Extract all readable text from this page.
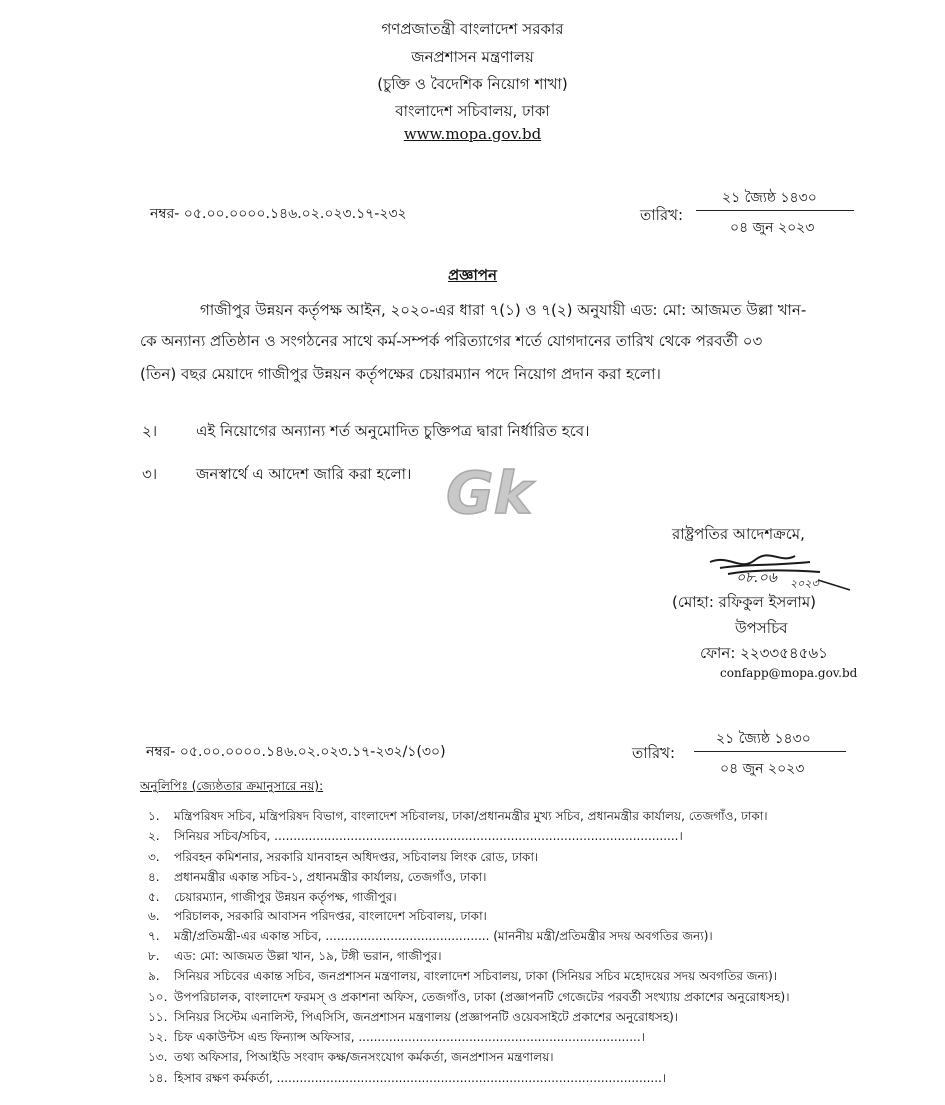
গণপ্রজাতন্ত্রী বাংলাদেশ সরকার
জনপ্রশাসন মন্ত্রণালয়
(চুক্তি ও বৈদেশিক নিয়োগ শাখা)
বাংলাদেশ সচিবালয়, ঢাকা
www.mopa.gov.bd
নম্বর- ০৫.০০.০০০০.১৪৬.০২.০২৩.১৭-২৩২	তারিখ:
২১ জ্যৈষ্ঠ ১৪৩০
০৪ জুন ২০২৩
প্রজ্ঞাপন
গাজীপুর উন্নয়ন কর্তৃপক্ষ আইন, ২০২০-এর ধারা ৭(১) ও ৭(২) অনুযায়ী এড: মো: আজমত উল্লা খান-
কে অন্যান্য প্রতিষ্ঠান ও সংগঠনের সাথে কর্ম-সম্পর্ক পরিত্যাগের শর্তে যোগদানের তারিখ থেকে পরবর্তী ০৩
(তিন) বছর মেয়াদে গাজীপুর উন্নয়ন কর্তৃপক্ষের চেয়ারম্যান পদে নিয়োগ প্রদান করা হলো।
২।	এই নিয়োগের অন্যান্য শর্ত অনুমোদিত চুক্তিপত্র দ্বারা নির্ধারিত হবে।
৩।	জনস্বার্থে এ আদেশ জারি করা হলো। Gk
রাষ্ট্রপতির আদেশক্রমে,
০৮.০৬ ২০২৩
(মোহা: রফিকুল ইসলাম)
উপসচিব
ফোন: ২২৩৩৫৪৫৬১
confapp@mopa.gov.bd
নম্বর- ০৫.০০.০০০০.১৪৬.০২.০২৩.১৭-২৩২/১(৩০)	তারিখ:
২১ জ্যৈষ্ঠ ১৪৩০
০৪ জুন ২০২৩
অনুলিপিঃ (জ্যেষ্ঠতার ক্রমানুসারে নয়):
১.	মন্ত্রিপরিষদ সচিব, মন্ত্রিপরিষদ বিভাগ, বাংলাদেশ সচিবালয়, ঢাকা/প্রধানমন্ত্রীর মুখ্য সচিব, প্রধানমন্ত্রীর কার্যালয়, তেজগাঁও, ঢাকা।
২.	সিনিয়র সচিব/সচিব, ..........................................................................................................।
৩.	পরিবহন কমিশনার, সরকারি যানবাহন অধিদপ্তর, সচিবালয় লিংক রোড, ঢাকা।
৪.	প্রধানমন্ত্রীর একান্ত সচিব-১, প্রধানমন্ত্রীর কার্যালয়, তেজগাঁও, ঢাকা।
৫.	চেয়ারম্যান, গাজীপুর উন্নয়ন কর্তৃপক্ষ, গাজীপুর।
৬.	পরিচালক, সরকারি আবাসন পরিদপ্তর, বাংলাদেশ সচিবালয়, ঢাকা।
৭.	মন্ত্রী/প্রতিমন্ত্রী-এর একান্ত সচিব, ........................................... (মাননীয় মন্ত্রী/প্রতিমন্ত্রীর সদয় অবগতির জন্য)।
৮.	এড: মো: আজমত উল্লা খান, ১৯, টঙ্গী ভরান, গাজীপুর।
৯.	সিনিয়র সচিবের একান্ত সচিব, জনপ্রশাসন মন্ত্রণালয়, বাংলাদেশ সচিবালয়, ঢাকা (সিনিয়র সচিব মহোদয়ের সদয় অবগতির জন্য)।
১০. উপপরিচালক, বাংলাদেশ ফরমস্ ও প্রকাশনা অফিস, তেজগাঁও, ঢাকা (প্রজ্ঞাপনটি গেজেটের পরবর্তী সংখ্যায় প্রকাশের অনুরোধসহ)।
১১. সিনিয়র সিস্টেম এনালিস্ট, পিএসিসি, জনপ্রশাসন মন্ত্রণালয় (প্রজ্ঞাপনটি ওয়েবসাইটে প্রকাশের অনুরোধসহ)।
১২. চিফ একাউন্টস এন্ড ফিন্যান্স অফিসার, ..........................................................................।
১৩. তথ্য অফিসার, পিআইডি সংবাদ কক্ষ/জনসংযোগ কর্মকর্তা, জনপ্রশাসন মন্ত্রণালয়।
১৪. হিসাব রক্ষণ কর্মকর্তা, .....................................................................................................।
